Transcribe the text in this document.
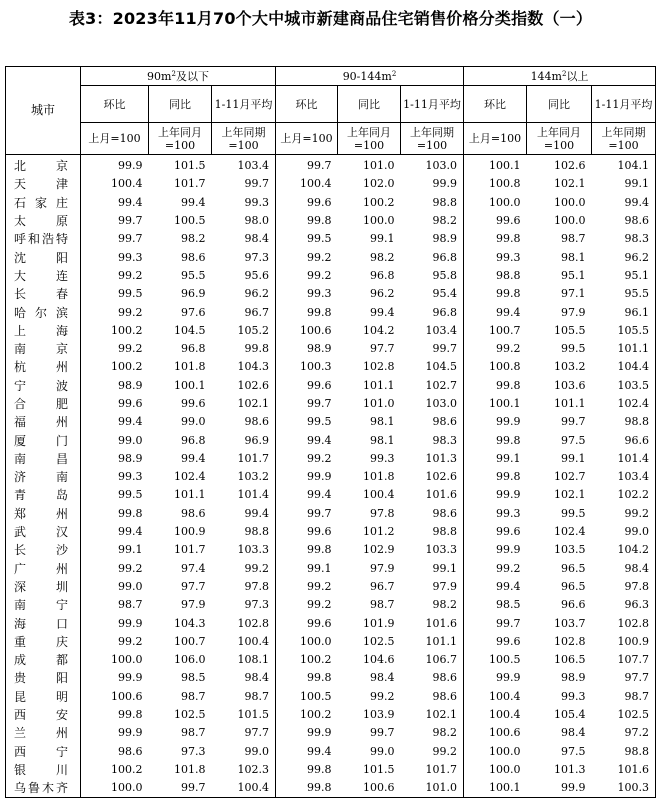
表3：2023年11月70个大中城市新建商品住宅销售价格分类指数（一）
城市	$90m^2$及以下			$90-144m^2$			$144m^2$以上		
	环比	同比	1-11月平均	环比	同比	1-11月平均	环比	同比	1-11月平均
	上月=100	上年同月=100	上年同期=100	上月=100	上年同月=100	上年同期=100	上月=100	上年同月=100	上年同期=100
北京	99.9	101.5	103.4	99.7	101.0	103.0	100.1	102.6	104.1
天津	100.4	101.7	99.7	100.4	102.0	99.9	100.8	102.1	99.1
石家庄	99.4	99.4	99.3	99.6	100.2	98.8	100.0	100.0	99.4
太原	99.7	100.5	98.0	99.8	100.0	98.2	99.6	100.0	98.6
呼和浩特	99.7	98.2	98.4	99.5	99.1	98.9	99.8	98.7	98.3
沈阳	99.3	98.6	97.3	99.2	98.2	96.8	99.3	98.1	96.2
大连	99.2	95.5	95.6	99.2	96.8	95.8	98.8	95.1	95.1
长春	99.5	96.9	96.2	99.3	96.2	95.4	99.8	97.1	95.5
哈尔滨	99.2	97.6	96.7	99.8	99.4	96.8	99.4	97.9	96.1
上海	100.2	104.5	105.2	100.6	104.2	103.4	100.7	105.5	105.5
南京	99.2	96.8	99.8	98.9	97.7	99.7	99.2	99.5	101.1
杭州	100.2	101.8	104.3	100.3	102.8	104.5	100.8	103.2	104.4
宁波	98.9	100.1	102.6	99.6	101.1	102.7	99.8	103.6	103.5
合肥	99.6	99.6	102.1	99.7	101.0	103.0	100.1	101.1	102.4
福州	99.4	99.0	98.6	99.5	98.1	98.6	99.9	99.7	98.8
厦门	99.0	96.8	96.9	99.4	98.1	98.3	99.8	97.5	96.6
南昌	98.9	99.4	101.7	99.2	99.3	101.3	99.1	99.1	101.4
济南	99.3	102.4	103.2	99.9	101.8	102.6	99.8	102.7	103.4
青岛	99.5	101.1	101.4	99.4	100.4	101.6	99.9	102.1	102.2
郑州	99.8	98.6	99.4	99.7	97.8	98.6	99.3	99.5	99.2
武汉	99.4	100.9	98.8	99.6	101.2	98.8	99.6	102.4	99.0
长沙	99.1	101.7	103.3	99.8	102.9	103.3	99.9	103.5	104.2
广州	99.2	97.4	99.2	99.1	97.9	99.1	99.2	96.5	98.4
深圳	99.0	97.7	97.8	99.2	96.7	97.9	99.4	96.5	97.8
南宁	98.7	97.9	97.3	99.2	98.7	98.2	98.5	96.6	96.3
海口	99.9	104.3	102.8	99.6	101.9	101.6	99.7	103.7	102.8
重庆	99.2	100.7	100.4	100.0	102.5	101.1	99.6	102.8	100.9
成都	100.0	106.0	108.1	100.2	104.6	106.7	100.5	106.5	107.7
贵阳	99.9	98.5	98.4	99.8	98.4	98.6	99.9	98.9	97.7
昆明	100.6	98.7	98.7	100.5	99.2	98.6	100.4	99.3	98.7
西安	99.8	102.5	101.5	100.2	103.9	102.1	100.4	105.4	102.5
兰州	99.9	98.7	97.7	99.9	99.7	98.2	100.6	98.4	97.2
西宁	98.6	97.3	99.0	99.4	99.0	99.2	100.0	97.5	98.8
银川	100.2	101.8	102.3	99.8	101.5	101.7	100.0	101.3	101.6
乌鲁木齐	100.0	99.7	100.4	99.8	100.6	101.0	100.1	99.9	100.3
